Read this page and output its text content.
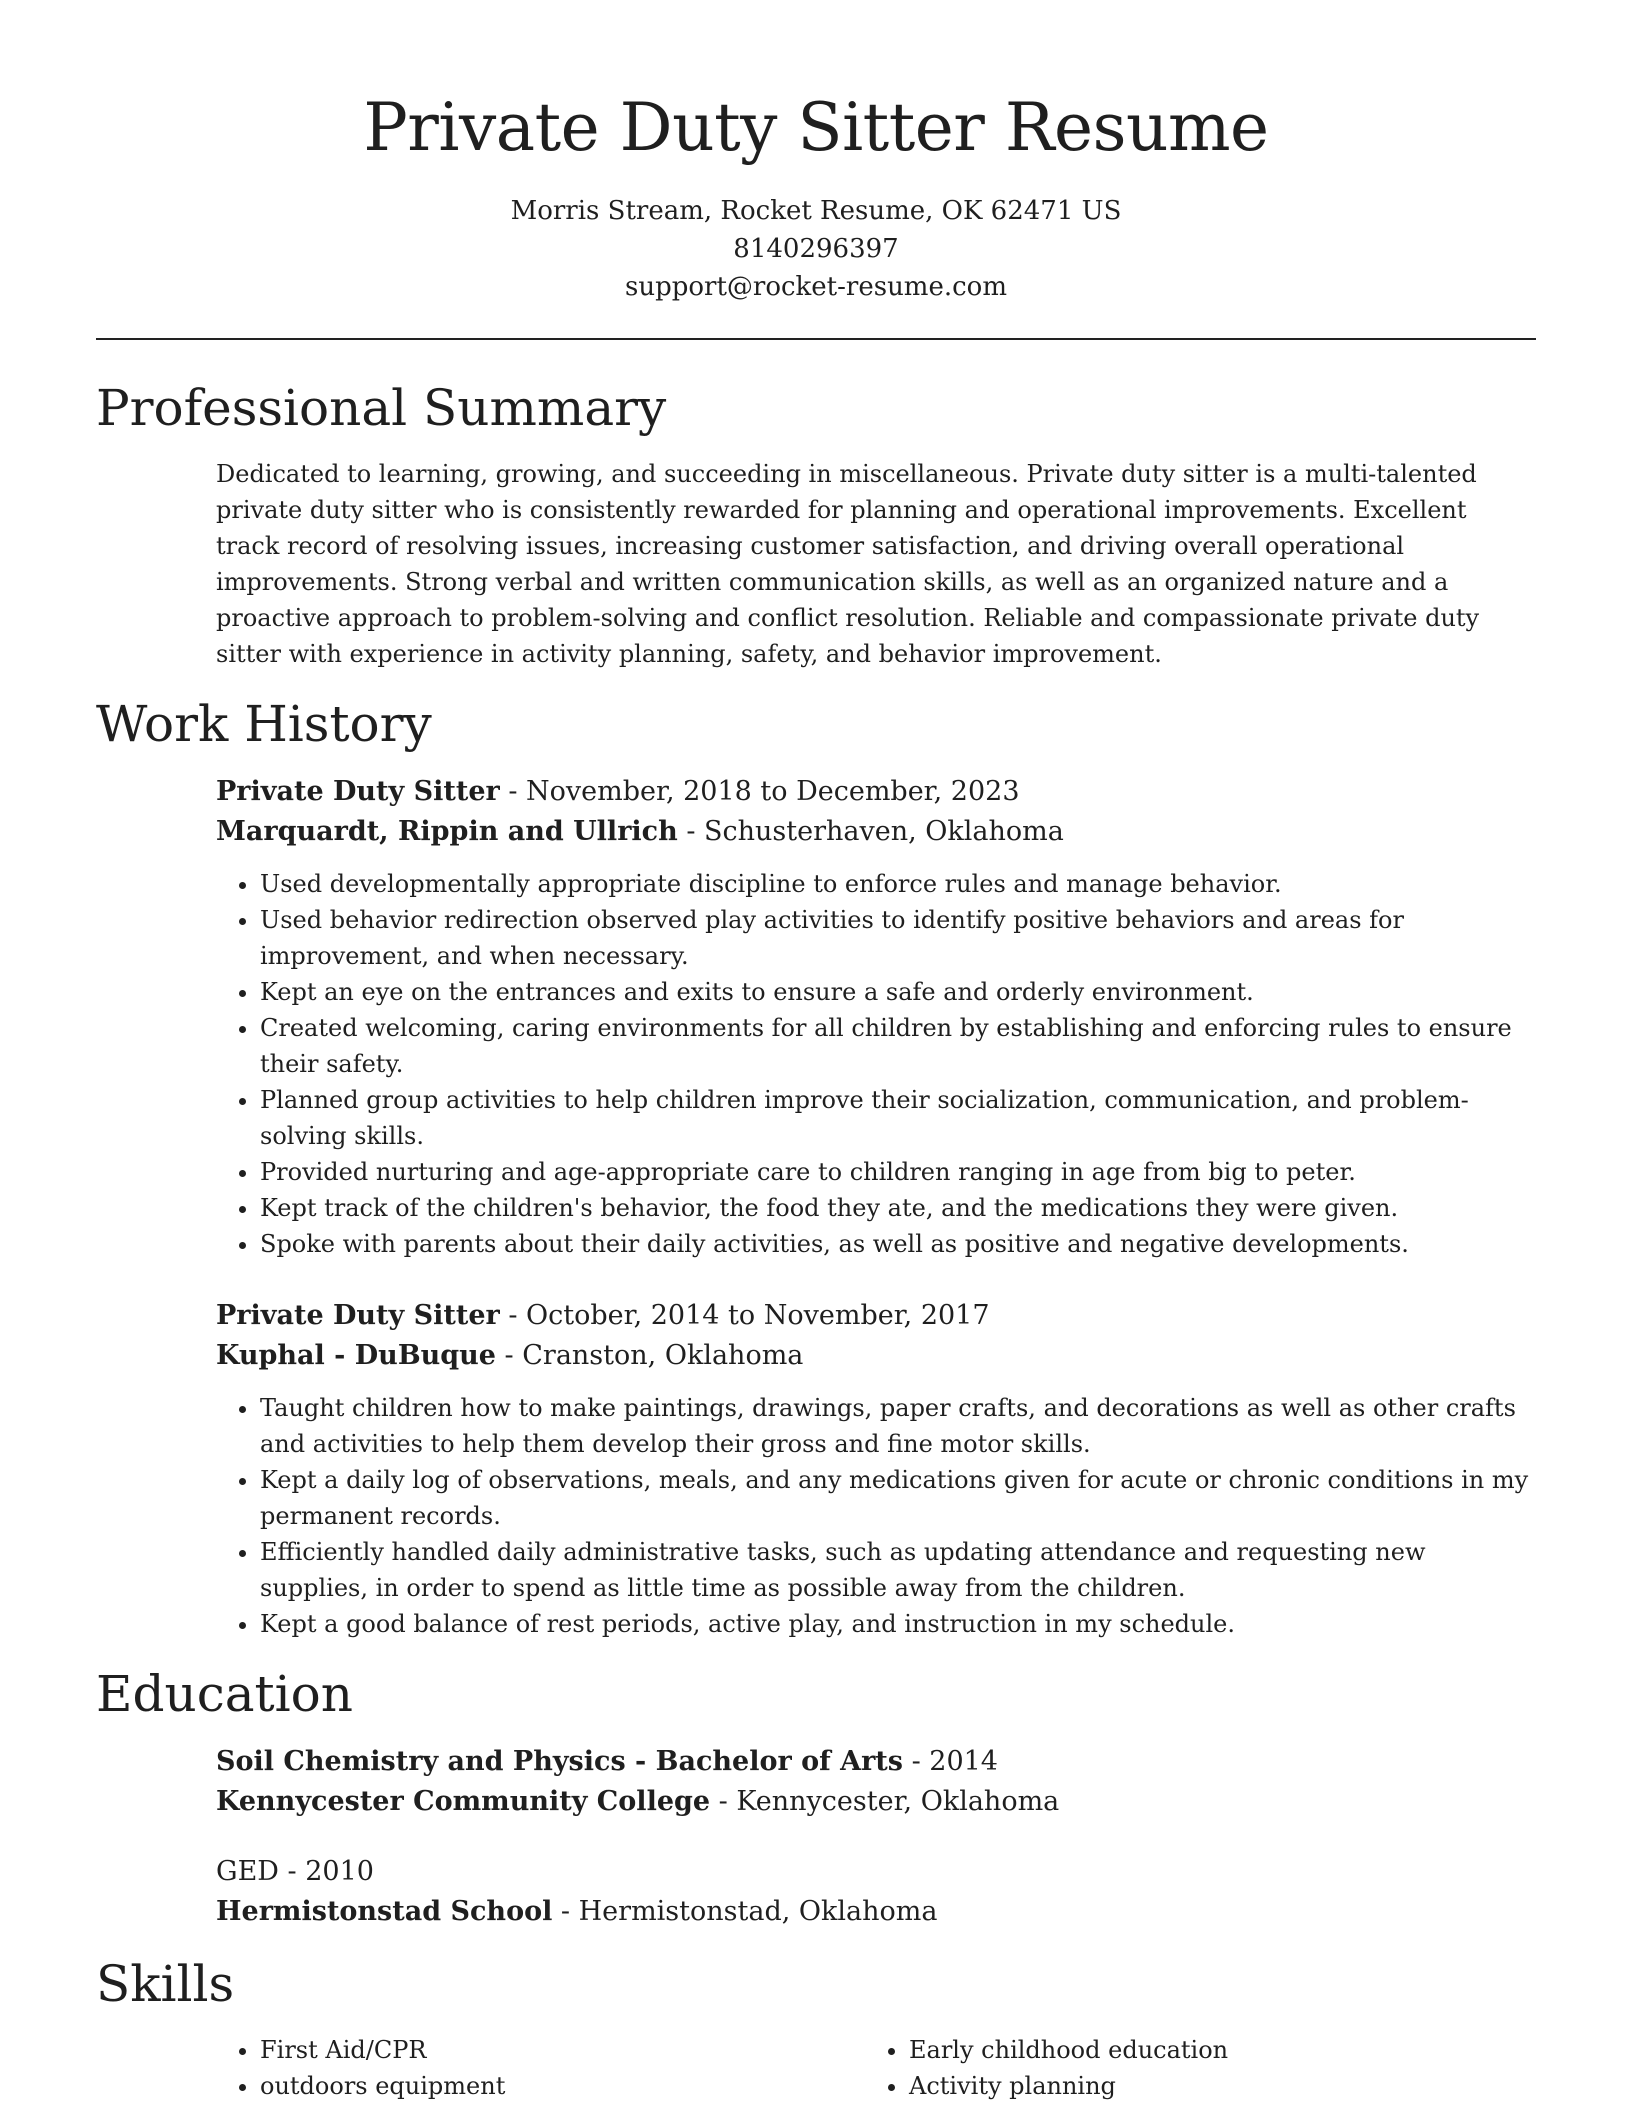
Private Duty Sitter Resume
Morris Stream, Rocket Resume, OK 62471 US
8140296397
support@rocket-resume.com
Professional Summary

Dedicated to learning, growing, and succeeding in miscellaneous. Private duty sitter is a multi-talented private duty sitter who is consistently rewarded for planning and operational improvements. Excellent track record of resolving issues, increasing customer satisfaction, and driving overall operational improvements. Strong verbal and written communication skills, as well as an organized nature and a proactive approach to problem-solving and conflict resolution. Reliable and compassionate private duty sitter with experience in activity planning, safety, and behavior improvement.

Work History
Private Duty Sitter - November, 2018 to December, 2023
Marquardt, Rippin and Ullrich - Schusterhaven, Oklahoma
• Used developmentally appropriate discipline to enforce rules and manage behavior.
• Used behavior redirection observed play activities to identify positive behaviors and areas for improvement, and when necessary.
• Kept an eye on the entrances and exits to ensure a safe and orderly environment.
• Created welcoming, caring environments for all children by establishing and enforcing rules to ensure their safety.
• Planned group activities to help children improve their socialization, communication, and problem-solving skills.
• Provided nurturing and age-appropriate care to children ranging in age from big to peter.
• Kept track of the children's behavior, the food they ate, and the medications they were given.
• Spoke with parents about their daily activities, as well as positive and negative developments.
Private Duty Sitter - October, 2014 to November, 2017
Kuphal - DuBuque - Cranston, Oklahoma
• Taught children how to make paintings, drawings, paper crafts, and decorations as well as other crafts and activities to help them develop their gross and fine motor skills.
• Kept a daily log of observations, meals, and any medications given for acute or chronic conditions in my permanent records.
• Efficiently handled daily administrative tasks, such as updating attendance and requesting new supplies, in order to spend as little time as possible away from the children.
• Kept a good balance of rest periods, active play, and instruction in my schedule.
Education
Soil Chemistry and Physics - Bachelor of Arts - 2014
Kennycester Community College - Kennycester, Oklahoma
GED - 2010
Hermistonstad School - Hermistonstad, Oklahoma
Skills
• First Aid/CPR
• outdoors equipment
• Early childhood education
• Activity planning
